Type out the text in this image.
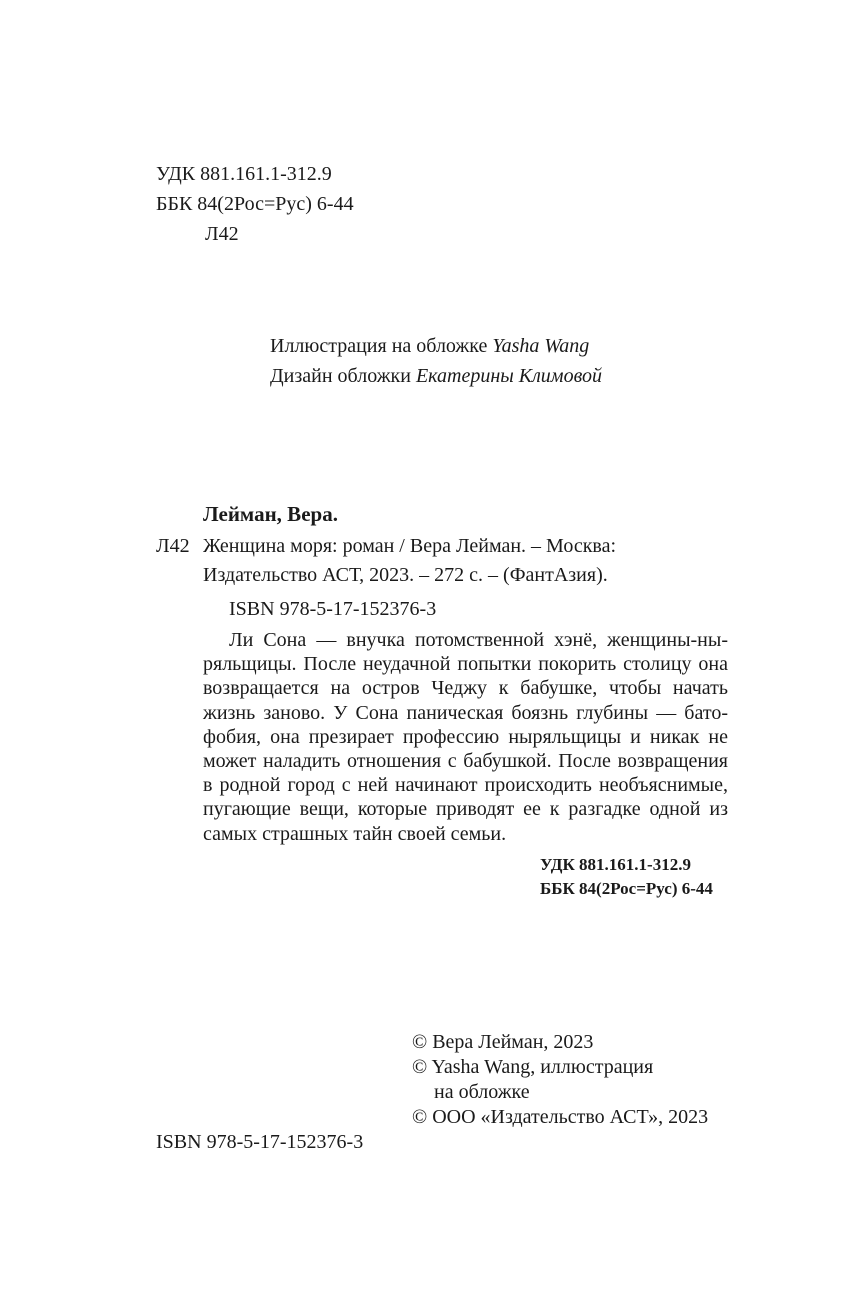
УДК 881.161.1-312.9
ББК 84(2Рос=Рус) 6-44
Л42
Иллюстрация на обложке Yasha Wang
Дизайн обложки Екатерины Климовой
Лейман, Вера.
Л42 Женщина моря: роман / Вера Лейман. – Москва:
Издательство АСТ, 2023. – 272 с. – (ФантАзия).
ISBN 978-5-17-152376-3
Ли Сона — внучка потомственной хэнё, женщины-ныряльщицы. После неудачной попытки покорить столицу она возвращается на остров Чеджу к бабушке, чтобы начать жизнь заново. У Сона паническая боязнь глубины — батофобия, она презирает профессию ныряльщицы и никак не может наладить отношения с бабушкой. После возвращения в родной город с ней начинают происходить необъяснимые, пугающие вещи, которые приводят ее к разгадке одной из самых страшных тайн своей семьи.
УДК 881.161.1-312.9
ББК 84(2Рос=Рус) 6-44
© Вера Лейман, 2023
© Yasha Wang, иллюстрация
на обложке
© ООО «Издательство АСТ», 2023
ISBN 978-5-17-152376-3
